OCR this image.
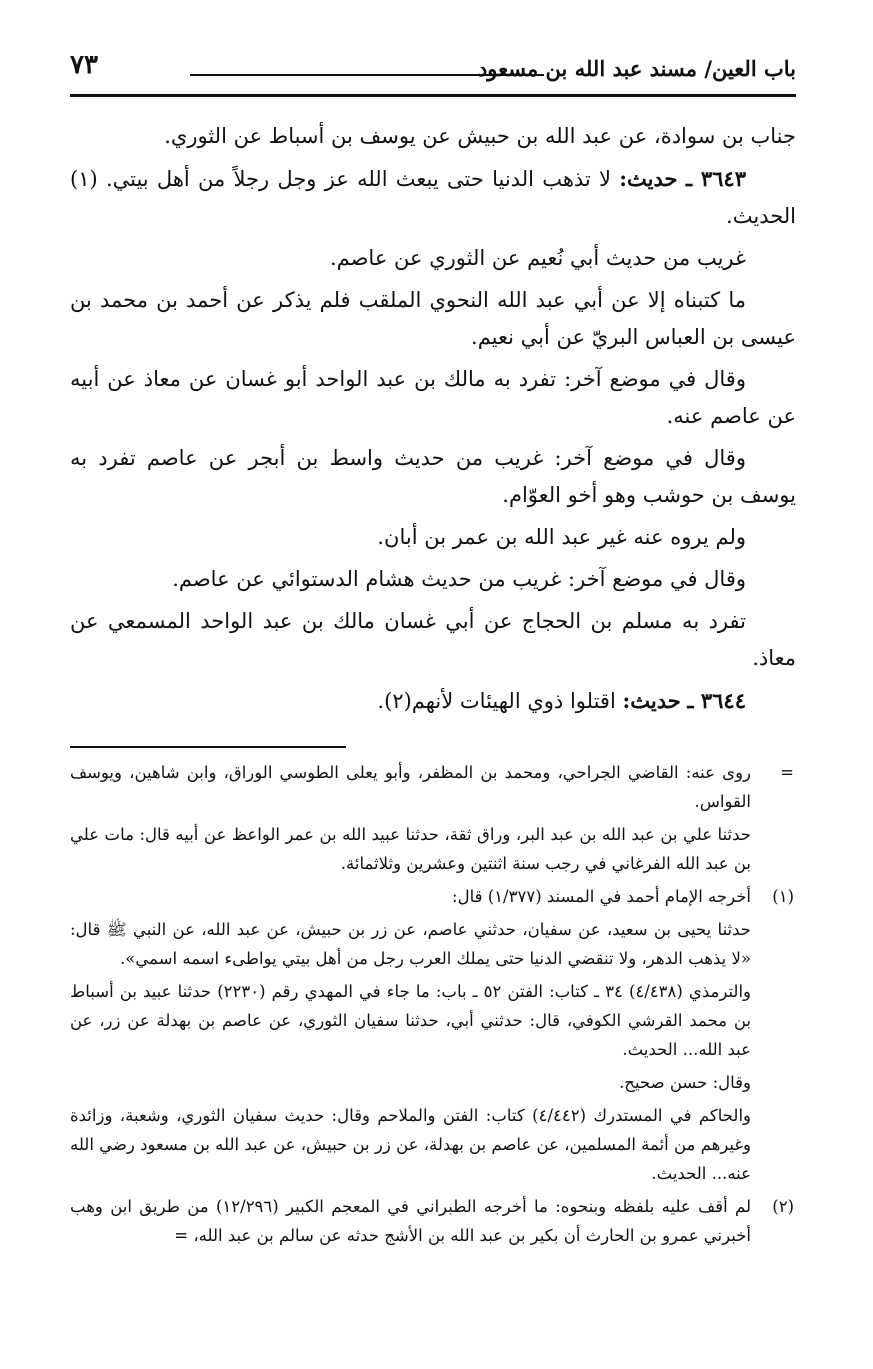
باب العين/ مسند عبد الله بن مسعود
٧٣

جناب بن سوادة، عن عبد الله بن حبيش عن يوسف بن أسباط عن الثوري.

٣٦٤٣ ـ حديث: لا تذهب الدنيا حتى يبعث الله عز وجل رجلاً من أهل بيتي. (١) الحديث.

غريب من حديث أبي نُعيم عن الثوري عن عاصم.

ما كتبناه إلا عن أبي عبد الله النحوي الملقب فلم يذكر عن أحمد بن محمد بن عيسى بن العباس البريّ عن أبي نعيم.

وقال في موضع آخر: تفرد به مالك بن عبد الواحد أبو غسان عن معاذ عن أبيه عن عاصم عنه.

وقال في موضع آخر: غريب من حديث واسط بن أبجر عن عاصم تفرد به يوسف بن حوشب وهو أخو العوّام.

ولم يروه عنه غير عبد الله بن عمر بن أبان.

وقال في موضع آخر: غريب من حديث هشام الدستوائي عن عاصم.

تفرد به مسلم بن الحجاج عن أبي غسان مالك بن عبد الواحد المسمعي عن معاذ.

٣٦٤٤ ـ حديث: اقتلوا ذوي الهيئات لأنهم(٢).

=
روى عنه: القاضي الجراحي، ومحمد بن المظفر، وأبو يعلى الطوسي الوراق، وابن شاهين، ويوسف القواس.
حدثنا علي بن عبد الله بن عبد البر، وراق ثقة، حدثنا عبيد الله بن عمر الواعظ عن أبيه قال: مات علي بن عبد الله الفرغاني في رجب سنة اثنتين وعشرين وثلاثمائة.
(١)
أخرجه الإمام أحمد في المسند (١/٣٧٧) قال:
حدثنا يحيى بن سعيد، عن سفيان، حدثني عاصم، عن زر بن حبيش، عن عبد الله، عن النبي ﷺ قال: «لا يذهب الدهر، ولا تنقضي الدنيا حتى يملك العرب رجل من أهل بيتي يواطىء اسمه اسمي».
والترمذي (٤/٤٣٨) ٣٤ ـ كتاب: الفتن ٥٢ ـ باب: ما جاء في المهدي رقم (٢٢٣٠) حدثنا عبيد بن أسباط بن محمد القرشي الكوفي، قال: حدثني أبي، حدثنا سفيان الثوري، عن عاصم بن بهدلة عن زر، عن عبد الله... الحديث.
وقال: حسن صحيح.
والحاكم في المستدرك (٤/٤٤٢) كتاب: الفتن والملاحم وقال: حديث سفيان الثوري، وشعبة، وزائدة وغيرهم من أئمة المسلمين، عن عاصم بن بهدلة، عن زر بن حبيش، عن عبد الله بن مسعود رضي الله عنه... الحديث.
(٢)
لم أقف عليه بلفظه وبنحوه: ما أخرجه الطبراني في المعجم الكبير (١٢/٢٩٦) من طريق ابن وهب أخبرني عمرو بن الحارث أن بكير بن عبد الله بن الأشج حدثه عن سالم بن عبد الله، =
